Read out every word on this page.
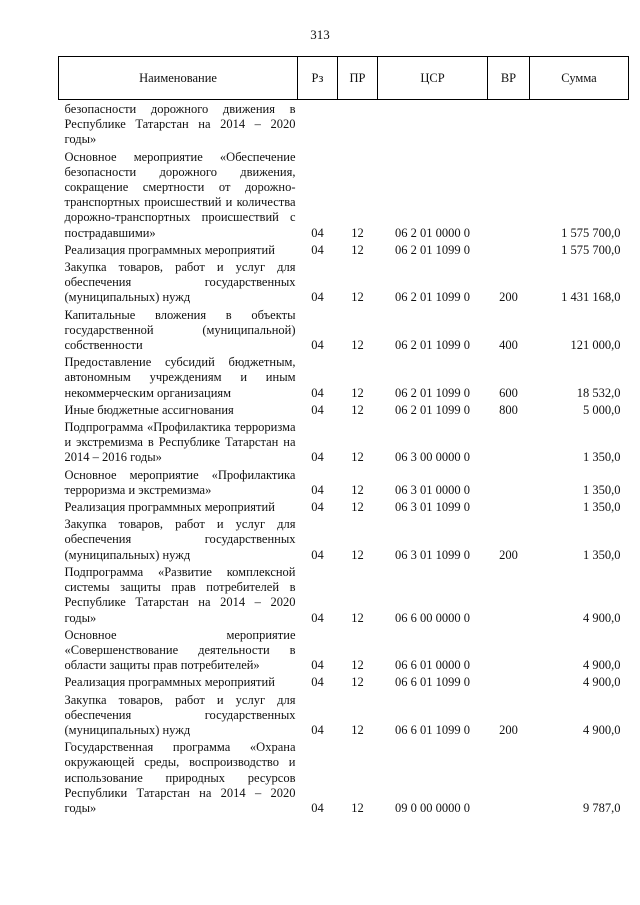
313
Наименование	Рз	ПР	ЦСР	ВР	Сумма
безопасности дорожного движения в Республике Татарстан на 2014 – 2020 годы»					
Основное мероприятие «Обеспечение безопасности дорожного движения, сокращение смертности от дорожно-транспортных происшествий и количества дорожно-транспортных происшествий с пострадавшими»	04	12	06 2 01 0000 0		1 575 700,0
Реализация программных мероприятий	04	12	06 2 01 1099 0		1 575 700,0
Закупка товаров, работ и услуг для обеспечения государственных (муниципальных) нужд	04	12	06 2 01 1099 0	200	1 431 168,0
Капитальные вложения в объекты государственной (муниципальной) собственности	04	12	06 2 01 1099 0	400	121 000,0
Предоставление субсидий бюджетным, автономным учреждениям и иным некоммерческим организациям	04	12	06 2 01 1099 0	600	18 532,0
Иные бюджетные ассигнования	04	12	06 2 01 1099 0	800	5 000,0
Подпрограмма «Профилактика терроризма и экстремизма в Республике Татарстан на 2014 – 2016 годы»	04	12	06 3 00 0000 0		1 350,0
Основное мероприятие «Профилактика терроризма и экстремизма»	04	12	06 3 01 0000 0		1 350,0
Реализация программных мероприятий	04	12	06 3 01 1099 0		1 350,0
Закупка товаров, работ и услуг для обеспечения государственных (муниципальных) нужд	04	12	06 3 01 1099 0	200	1 350,0
Подпрограмма «Развитие комплексной системы защиты прав потребителей в Республике Татарстан на 2014 – 2020 годы»	04	12	06 6 00 0000 0		4 900,0
Основное мероприятие «Совершенствование деятельности в области защиты прав потребителей»	04	12	06 6 01 0000 0		4 900,0
Реализация программных мероприятий	04	12	06 6 01 1099 0		4 900,0
Закупка товаров, работ и услуг для обеспечения государственных (муниципальных) нужд	04	12	06 6 01 1099 0	200	4 900,0
Государственная программа «Охрана окружающей среды, воспроизводство и использование природных ресурсов Республики Татарстан на 2014 – 2020 годы»	04	12	09 0 00 0000 0		9 787,0
